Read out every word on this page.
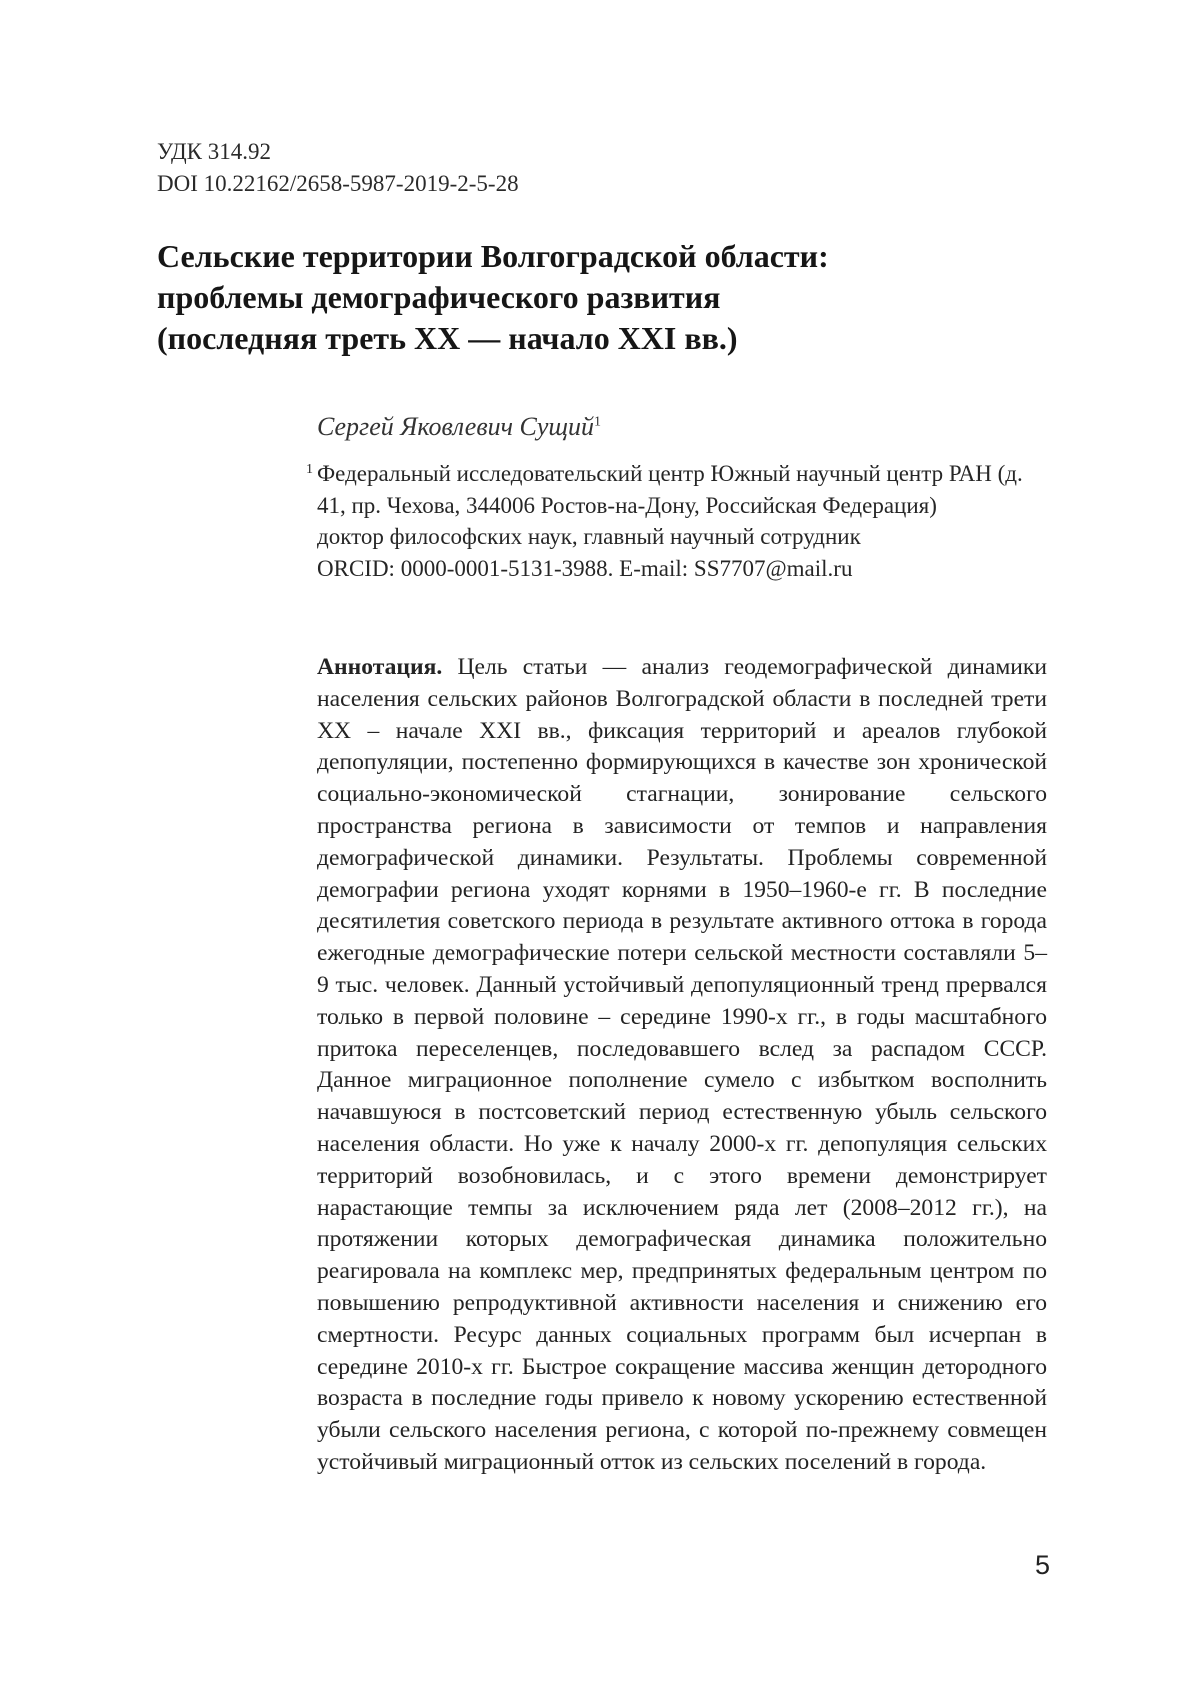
УДК 314.92
DOI 10.22162/2658-5987-2019-2-5-28
Сельские территории Волгоградской области:
проблемы демографического развития
(последняя треть ХХ — начало XXI вв.)
Сергей Яковлевич Сущий$^1$
1 Федеральный исследовательский центр Южный научный центр РАН (д. 41, пр. Чехова, 344006 Ростов-на-Дону, Российская Федерация)

доктор философских наук, главный научный сотрудник

ORCID: 0000-0001-5131-3988. E-mail: SS7707@mail.ru

Аннотация. Цель статьи — анализ геодемографической динамики населения сельских районов Волгоградской области в последней трети ХХ – начале XXI вв., фиксация территорий и ареалов глубокой депопуляции, постепенно формирующихся в качестве зон хронической социально-экономической стагнации, зонирование сельского пространства региона в зависимости от темпов и направления демографической динамики. Результаты. Проблемы современной демографии региона уходят корнями в 1950–1960-е гг. В последние десятилетия советского периода в результате активного оттока в города ежегодные демографические потери сельской местности составляли 5–9 тыс. человек. Данный устойчивый депопуляционный тренд прервался только в первой половине – середине 1990-х гг., в годы масштабного притока переселенцев, последовавшего вслед за распадом СССР. Данное миграционное пополнение сумело с избытком восполнить начавшуюся в постсоветский период естественную убыль сельского населения области. Но уже к началу 2000-х гг. депопуляция сельских территорий возобновилась, и с этого времени демонстрирует нарастающие темпы за исключением ряда лет (2008–2012 гг.), на протяжении которых демографическая динамика положительно реагировала на комплекс мер, предпринятых федеральным центром по повышению репродуктивной активности населения и снижению его смертности. Ресурс данных социальных программ был исчерпан в середине 2010-х гг. Быстрое сокращение массива женщин детородного возраста в последние годы привело к новому ускорению естественной убыли сельского населения региона, с которой по-прежнему совмещен устойчивый миграционный отток из сельских поселений в города.

5
